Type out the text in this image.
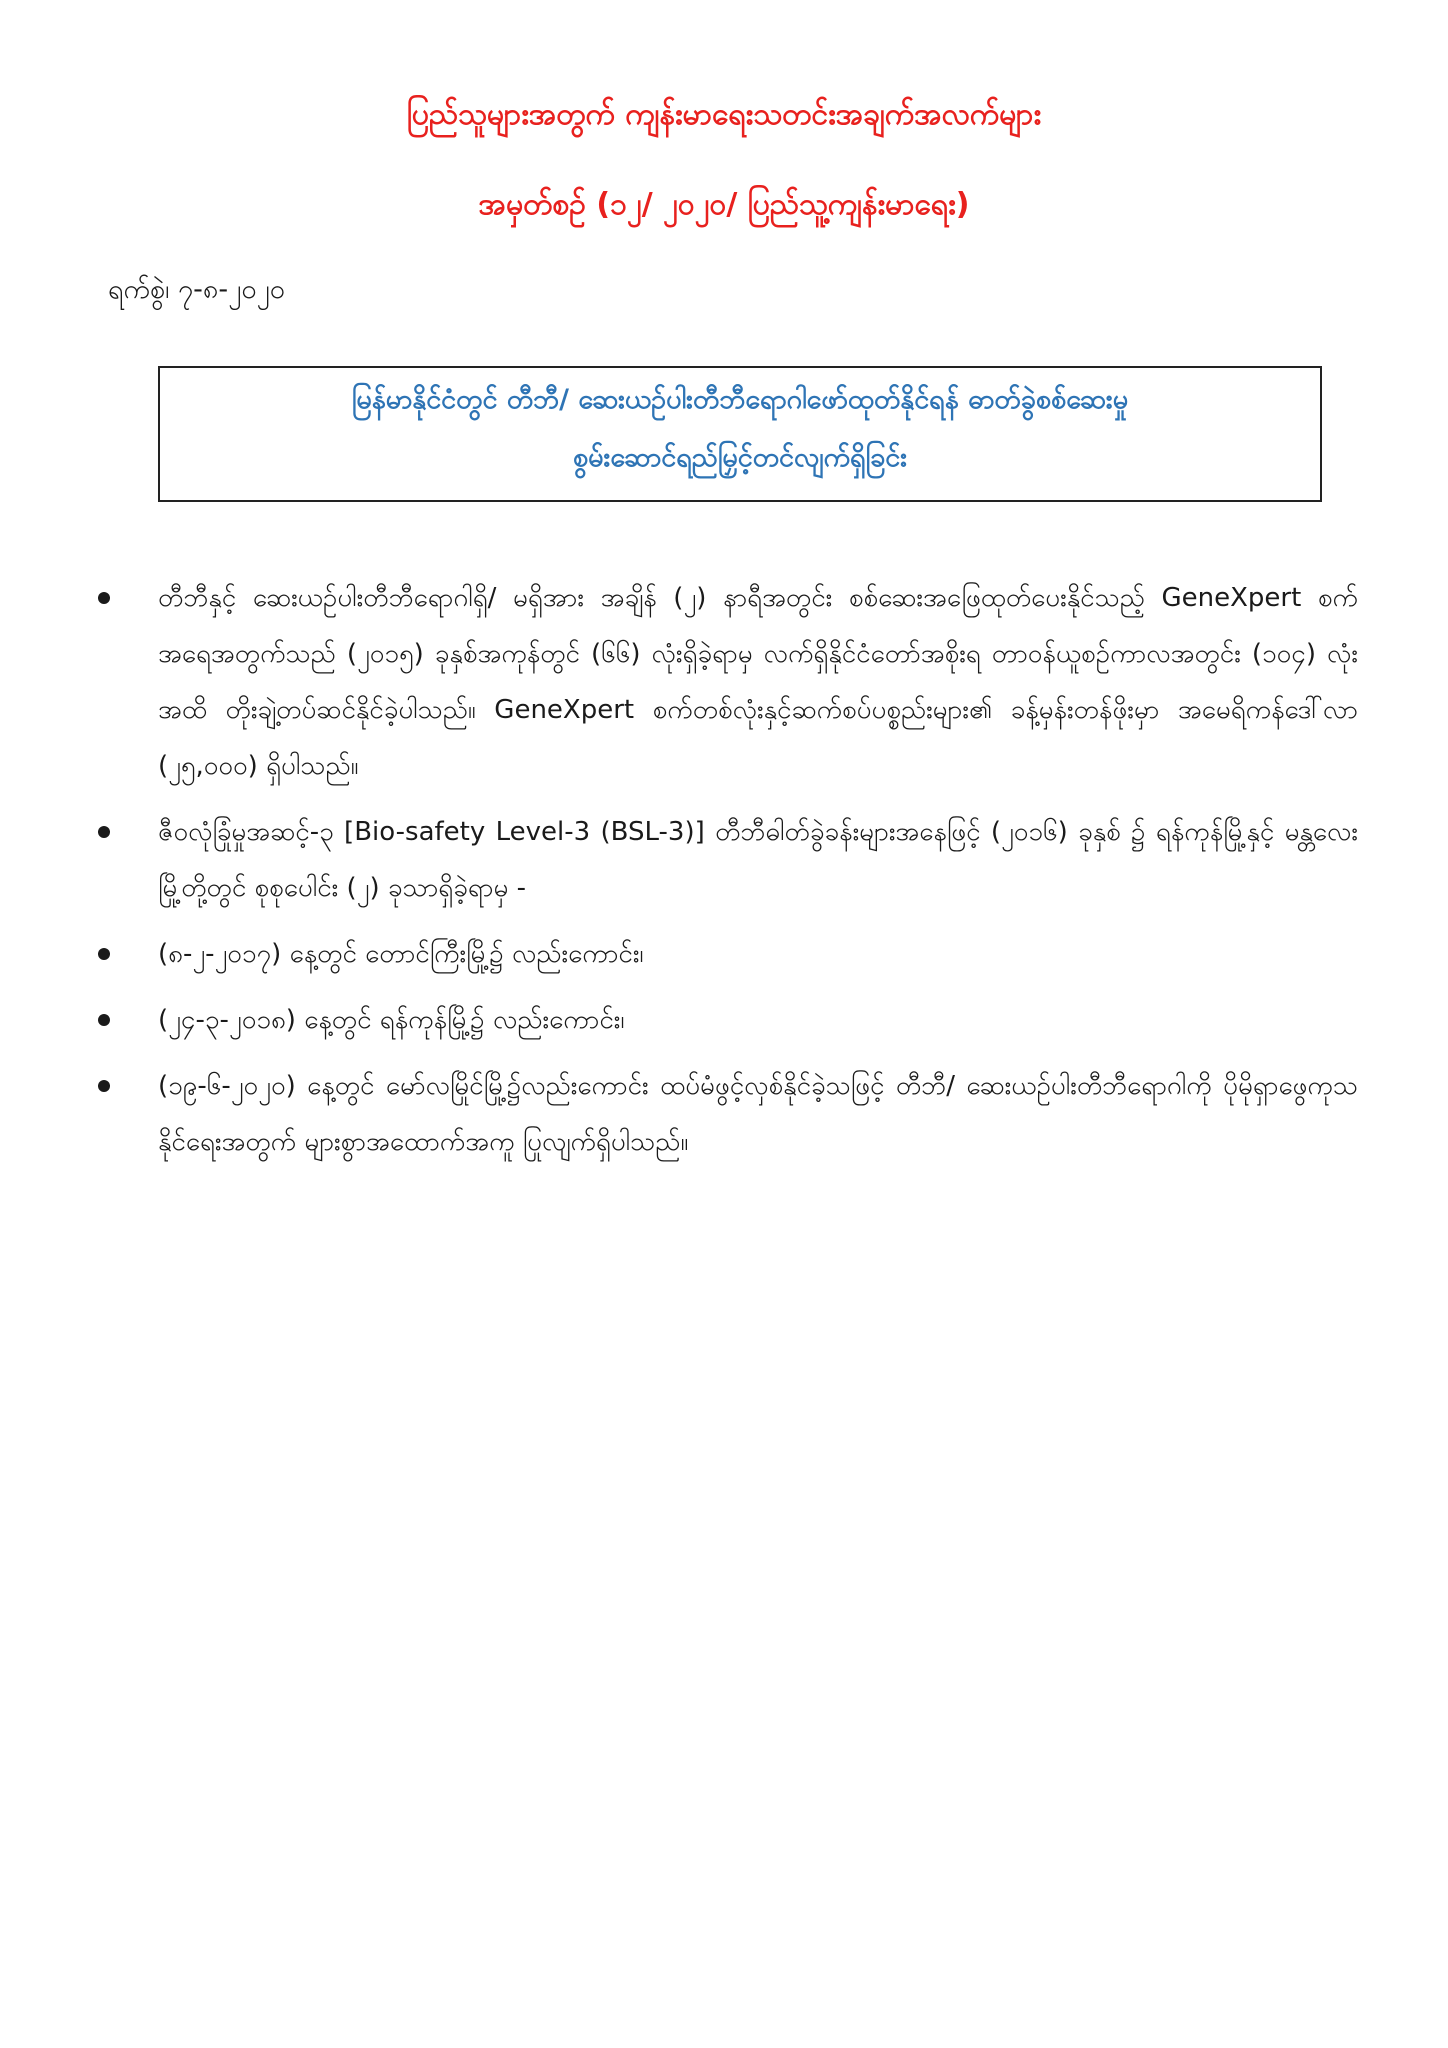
ပြည်သူများအတွက် ကျန်းမာရေးသတင်းအချက်အလက်များ
အမှတ်စဉ် (၁၂/ ၂၀၂၀/ ပြည်သူ့ကျန်းမာရေး)
ရက်စွဲ၊ ၇-၈-၂၀၂၀
မြန်မာနိုင်ငံတွင် တီဘီ/ ဆေးယဉ်ပါးတီဘီရောဂါဖော်ထုတ်နိုင်ရန် ဓာတ်ခွဲစစ်ဆေးမှု
စွမ်းဆောင်ရည်မြှင့်တင်လျက်ရှိခြင်း
တီဘီနှင့် ဆေးယဉ်ပါးတီဘီရောဂါရှိ/ မရှိအား အချိန် (၂) နာရီအတွင်း စစ်ဆေးအဖြေထုတ်ပေးနိုင်သည့် GeneXpert စက်အရေအတွက်သည် (၂၀၁၅) ခုနှစ်အကုန်တွင် (၆၆) လုံးရှိခဲ့ရာမှ လက်ရှိနိုင်ငံတော်အစိုးရ တာဝန်ယူစဉ်ကာလအတွင်း (၁၀၄) လုံးအထိ တိုးချဲ့တပ်ဆင်နိုင်ခဲ့ပါသည်။ GeneXpert စက်တစ်လုံးနှင့်ဆက်စပ်ပစ္စည်းများ၏ ခန့်မှန်းတန်ဖိုးမှာ အမေရိကန်ဒေါ်လာ (၂၅,၀၀၀) ရှိပါသည်။
ဇီဝလုံခြုံမှုအဆင့်-၃ [Bio-safety Level-3 (BSL-3)] တီဘီဓါတ်ခွဲခန်းများအနေဖြင့် (၂၀၁၆) ခုနှစ် ၌ ရန်ကုန်မြို့နှင့် မန္တလေးမြို့တို့တွင် စုစုပေါင်း (၂) ခုသာရှိခဲ့ရာမှ -
(၈-၂-၂၀၁၇) နေ့တွင် တောင်ကြီးမြို့၌ လည်းကောင်း၊
(၂၄-၃-၂၀၁၈) နေ့တွင် ရန်ကုန်မြို့၌ လည်းကောင်း၊
(၁၉-၆-၂၀၂၀) နေ့တွင် မော်လမြိုင်မြို့၌လည်းကောင်း ထပ်မံဖွင့်လှစ်နိုင်ခဲ့သဖြင့် တီဘီ/ ဆေးယဉ်ပါးတီဘီရောဂါကို ပိုမိုရှာဖွေကုသနိုင်ရေးအတွက် များစွာအထောက်အကူ ပြုလျက်ရှိပါသည်။
